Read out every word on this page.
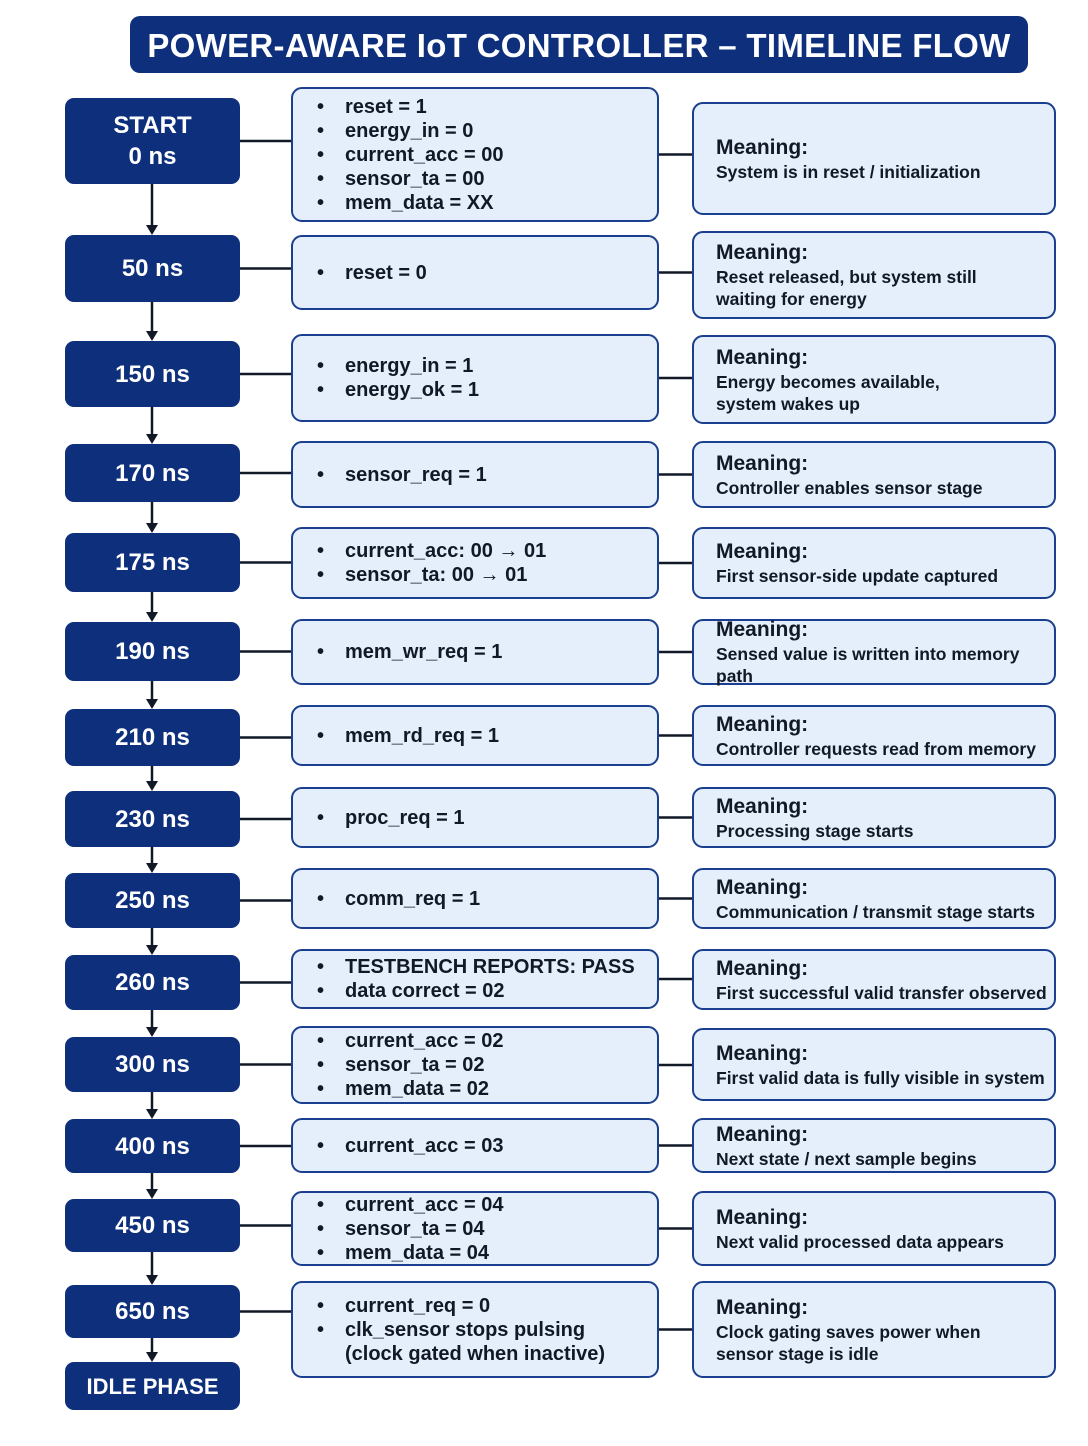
POWER-AWARE IoT CONTROLLER – TIMELINE FLOW
START
0 ns
• reset = 1
• energy_in = 0
• current_acc = 00
• sensor_ta = 00
• mem_data = XX
Meaning:
System is in reset / initialization
50 ns	• reset = 0
Meaning:
Reset released, but system still
waiting for energy
150 ns	• energy_in = 1
• energy_ok = 1
Meaning:
Energy becomes available,
system wakes up
170 ns	• sensor_req = 1	Meaning:
Controller enables sensor stage
175 ns	• current_acc: 00 → 01
• sensor_ta: 00 → 01
Meaning:
First sensor-side update captured
190 ns	• mem_wr_req = 1
Meaning:
Sensed value is written into memory path
210 ns	• mem_rd_req = 1	Meaning:
Controller requests read from memory
230 ns	• proc_req = 1	Meaning:
Processing stage starts
250 ns	• comm_req = 1	Meaning:
Communication / transmit stage starts
260 ns
• TESTBENCH REPORTS: PASS
• data correct = 02
Meaning:
First successful valid transfer observed
300 ns
• current_acc = 02
• sensor_ta = 02
• mem_data = 02
Meaning:
First valid data is fully visible in system
400 ns	• current_acc = 03	Meaning:
Next state / next sample begins
450 ns
• current_acc = 04
• sensor_ta = 04
• mem_data = 04
Meaning:
Next valid processed data appears
650 ns	• current_req = 0
• clk_sensor stops pulsing
(clock gated when inactive)
Meaning:
Clock gating saves power when
sensor stage is idle
IDLE PHASE
